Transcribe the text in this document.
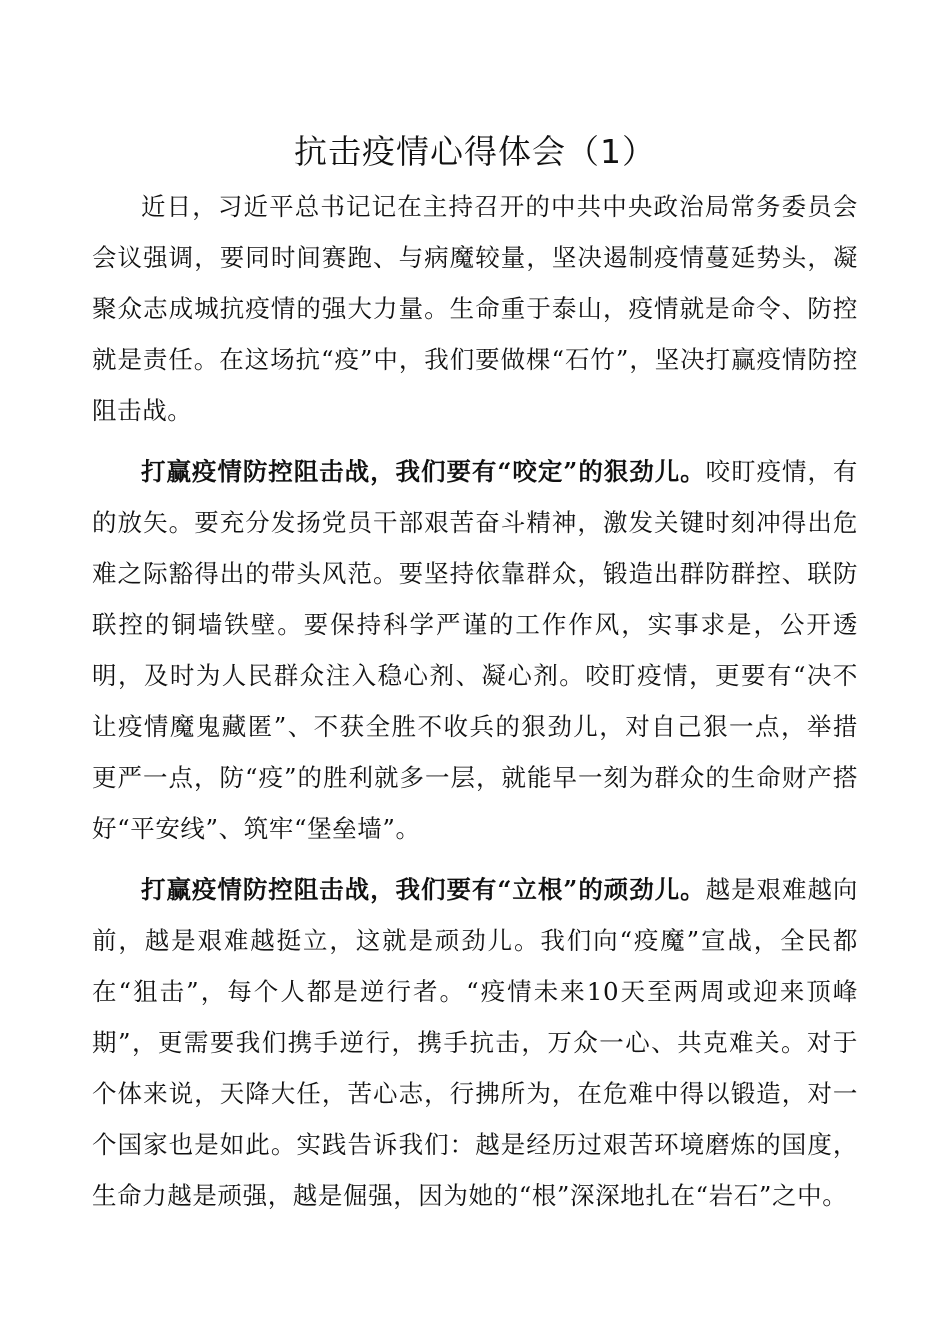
抗击疫情心得体会（1）

近日，习近平总书记记在主持召开的中共中央政治局常务委员会会议强调，要同时间赛跑、与病魔较量，坚决遏制疫情蔓延势头，凝聚众志成城抗疫情的强大力量。生命重于泰山，疫情就是命令、防控就是责任。在这场抗“疫”中，我们要做棵“石竹”，坚决打赢疫情防控阻击战。

打赢疫情防控阻击战，我们要有“咬定”的狠劲儿。咬盯疫情，有的放矢。要充分发扬党员干部艰苦奋斗精神，激发关键时刻冲得出危难之际豁得出的带头风范。要坚持依靠群众，锻造出群防群控、联防联控的铜墙铁壁。要保持科学严谨的工作作风，实事求是，公开透明，及时为人民群众注入稳心剂、凝心剂。咬盯疫情，更要有“决不让疫情魔鬼藏匿”、不获全胜不收兵的狠劲儿，对自己狠一点，举措更严一点，防“疫”的胜利就多一层，就能早一刻为群众的生命财产搭好“平安线”、筑牢“堡垒墙”。

打赢疫情防控阻击战，我们要有“立根”的顽劲儿。越是艰难越向前，越是艰难越挺立，这就是顽劲儿。我们向“疫魔”宣战，全民都在“狙击”，每个人都是逆行者。“疫情未来10天至两周或迎来顶峰期”，更需要我们携手逆行，携手抗击，万众一心、共克难关。对于个体来说，天降大任，苦心志，行拂所为，在危难中得以锻造，对一个国家也是如此。实践告诉我们：越是经历过艰苦环境磨炼的国度，生命力越是顽强，越是倔强，因为她的“根”深深地扎在“岩石”之中。
